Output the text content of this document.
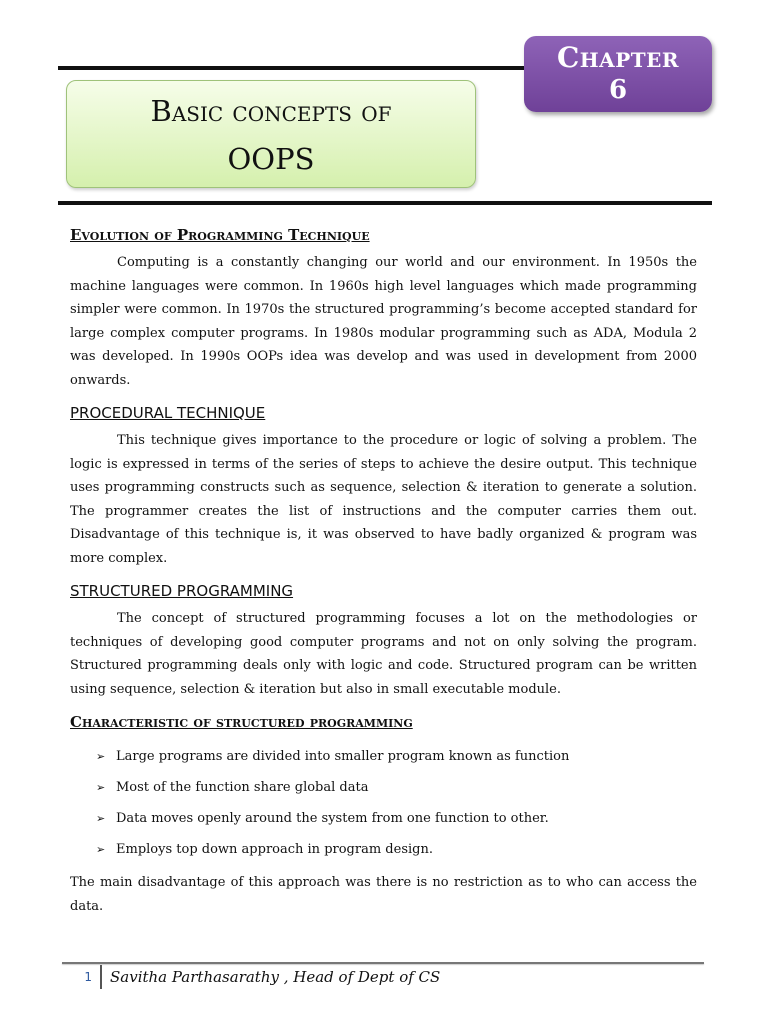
Chapter
6
Basic concepts of
OOPS
Evolution of Programming Technique

Computing is a constantly changing our world and our environment. In 1950s the machine languages were common. In 1960s high level languages which made programming simpler were common. In 1970s the structured programming’s become accepted standard for large complex computer programs. In 1980s modular programming such as ADA, Modula 2 was developed. In 1990s OOPs idea was develop and was used in development from 2000 onwards.

PROCEDURAL TECHNIQUE

This technique gives importance to the procedure or logic of solving a problem. The logic is expressed in terms of the series of steps to achieve the desire output. This technique uses programming constructs such as sequence, selection & iteration to generate a solution. The programmer creates the list of instructions and the computer carries them out. Disadvantage of this technique is, it was observed to have badly organized & program was more complex.

STRUCTURED PROGRAMMING

The concept of structured programming focuses a lot on the methodologies or techniques of developing good computer programs and not on only solving the program. Structured programming deals only with logic and code. Structured program can be written using sequence, selection & iteration but also in small executable module.

Characteristic of structured programming
➢ Large programs are divided into smaller program known as function
➢ Most of the function share global data
➢ Data moves openly around the system from one function to other.
➢ Employs top down approach in program design.

The main disadvantage of this approach was there is no restriction as to who can access the data.

1 Savitha Parthasarathy , Head of Dept of CS
